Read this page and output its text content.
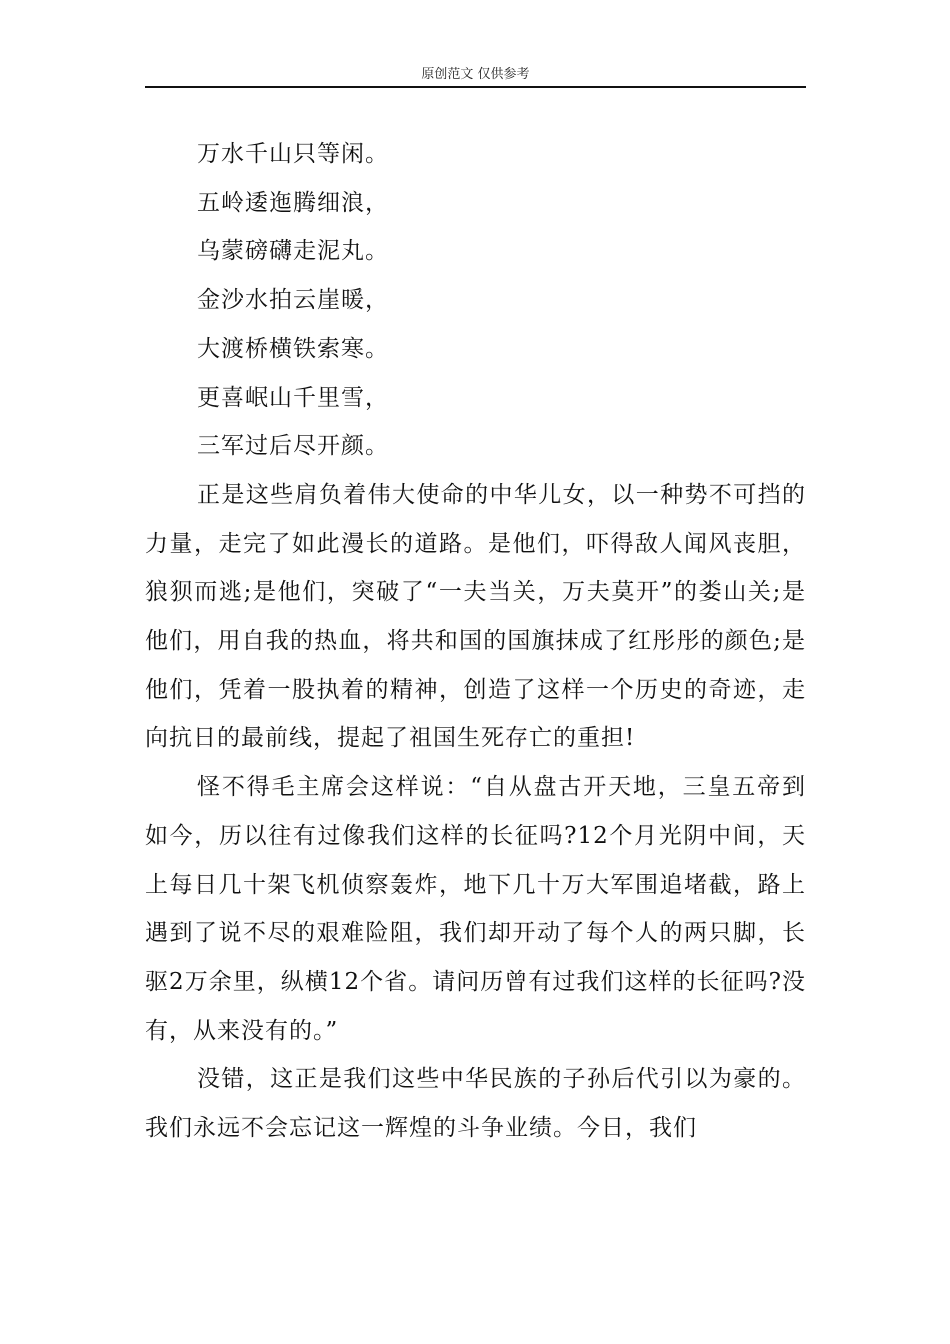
原创范文 仅供参考
万水千山只等闲。
五岭逶迤腾细浪，
乌蒙磅礴走泥丸。
金沙水拍云崖暖，
大渡桥横铁索寒。
更喜岷山千里雪，
三军过后尽开颜。

正是这些肩负着伟大使命的中华儿女，以一种势不可挡的力量，走完了如此漫长的道路。是他们，吓得敌人闻风丧胆，狼狈而逃;是他们，突破了“一夫当关，万夫莫开”的娄山关;是他们，用自我的热血，将共和国的国旗抹成了红彤彤的颜色;是他们，凭着一股执着的精神，创造了这样一个历史的奇迹，走向抗日的最前线，提起了祖国生死存亡的重担!

怪不得毛主席会这样说：“自从盘古开天地，三皇五帝到如今，历以往有过像我们这样的长征吗?12个月光阴中间，天上每日几十架飞机侦察轰炸，地下几十万大军围追堵截，路上遇到了说不尽的艰难险阻，我们却开动了每个人的两只脚，长驱2万余里，纵横12个省。请问历曾有过我们这样的长征吗?没有，从来没有的。”

没错，这正是我们这些中华民族的子孙后代引以为豪的。我们永远不会忘记这一辉煌的斗争业绩。今日，我们
